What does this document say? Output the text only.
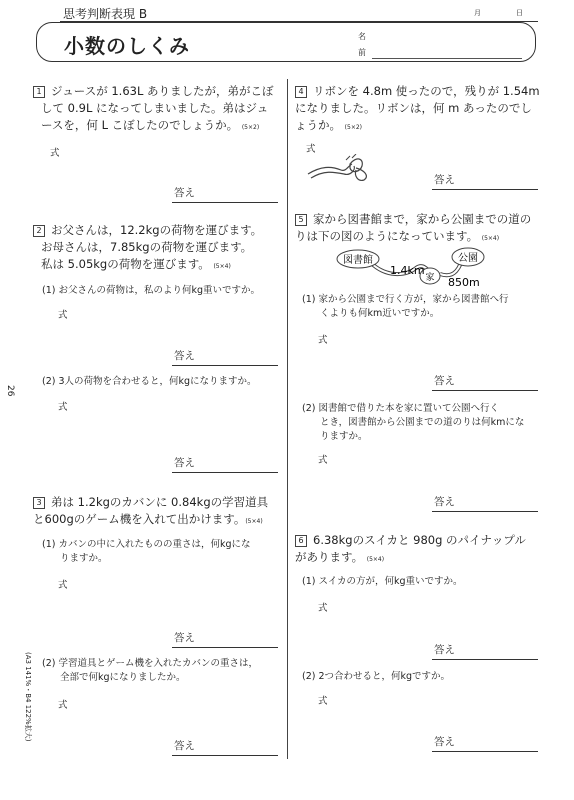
思考判断表現 B	月	日
小数のしくみ	名
前
26
(A3 141%・B4 122%拡大)
1 ジュースが 1.63L ありましたが，弟がこぼ
して 0.9L になってしまいました。弟はジュ
ースを，何 L こぼしたのでしょうか。 (5×2)
式
答え
2 お父さんは，12.2kgの荷物を運びます。
お母さんは，7.85kgの荷物を運びます。
私は 5.05kgの荷物を運びます。 (5×4)
(1) お父さんの荷物は，私のより何kg重いですか。
式
答え
(2) 3人の荷物を合わせると，何kgになりますか。
式
答え
3 弟は 1.2kgのカバンに 0.84kgの学習道具
と600gのゲーム機を入れて出かけます。(5×4)
(1) カバンの中に入れたものの重さは，何kgにな
りますか。
式
答え
(2) 学習道具とゲーム機を入れたカバンの重さは，
全部で何kgになりましたか。
式
答え
4 リボンを 4.8m 使ったので，残りが 1.54m
になりました。リボンは，何 m あったのでし
ょうか。 (5×2)
式
答え
5 家から図書館まで，家から公園までの道の
りは下の図のようになっています。 (5×4)
図書館
家
公園
1.4km
850m
(1) 家から公園まで行く方が，家から図書館へ行
くよりも何km近いですか。
式
答え
(2) 図書館で借りた本を家に置いて公園へ行く
とき，図書館から公園までの道のりは何kmにな
りますか。
式
答え
6 6.38kgのスイカと 980g のパイナップル
があります。 (5×4)
(1) スイカの方が，何kg重いですか。
式
答え
(2) 2つ合わせると，何kgですか。
式
答え
